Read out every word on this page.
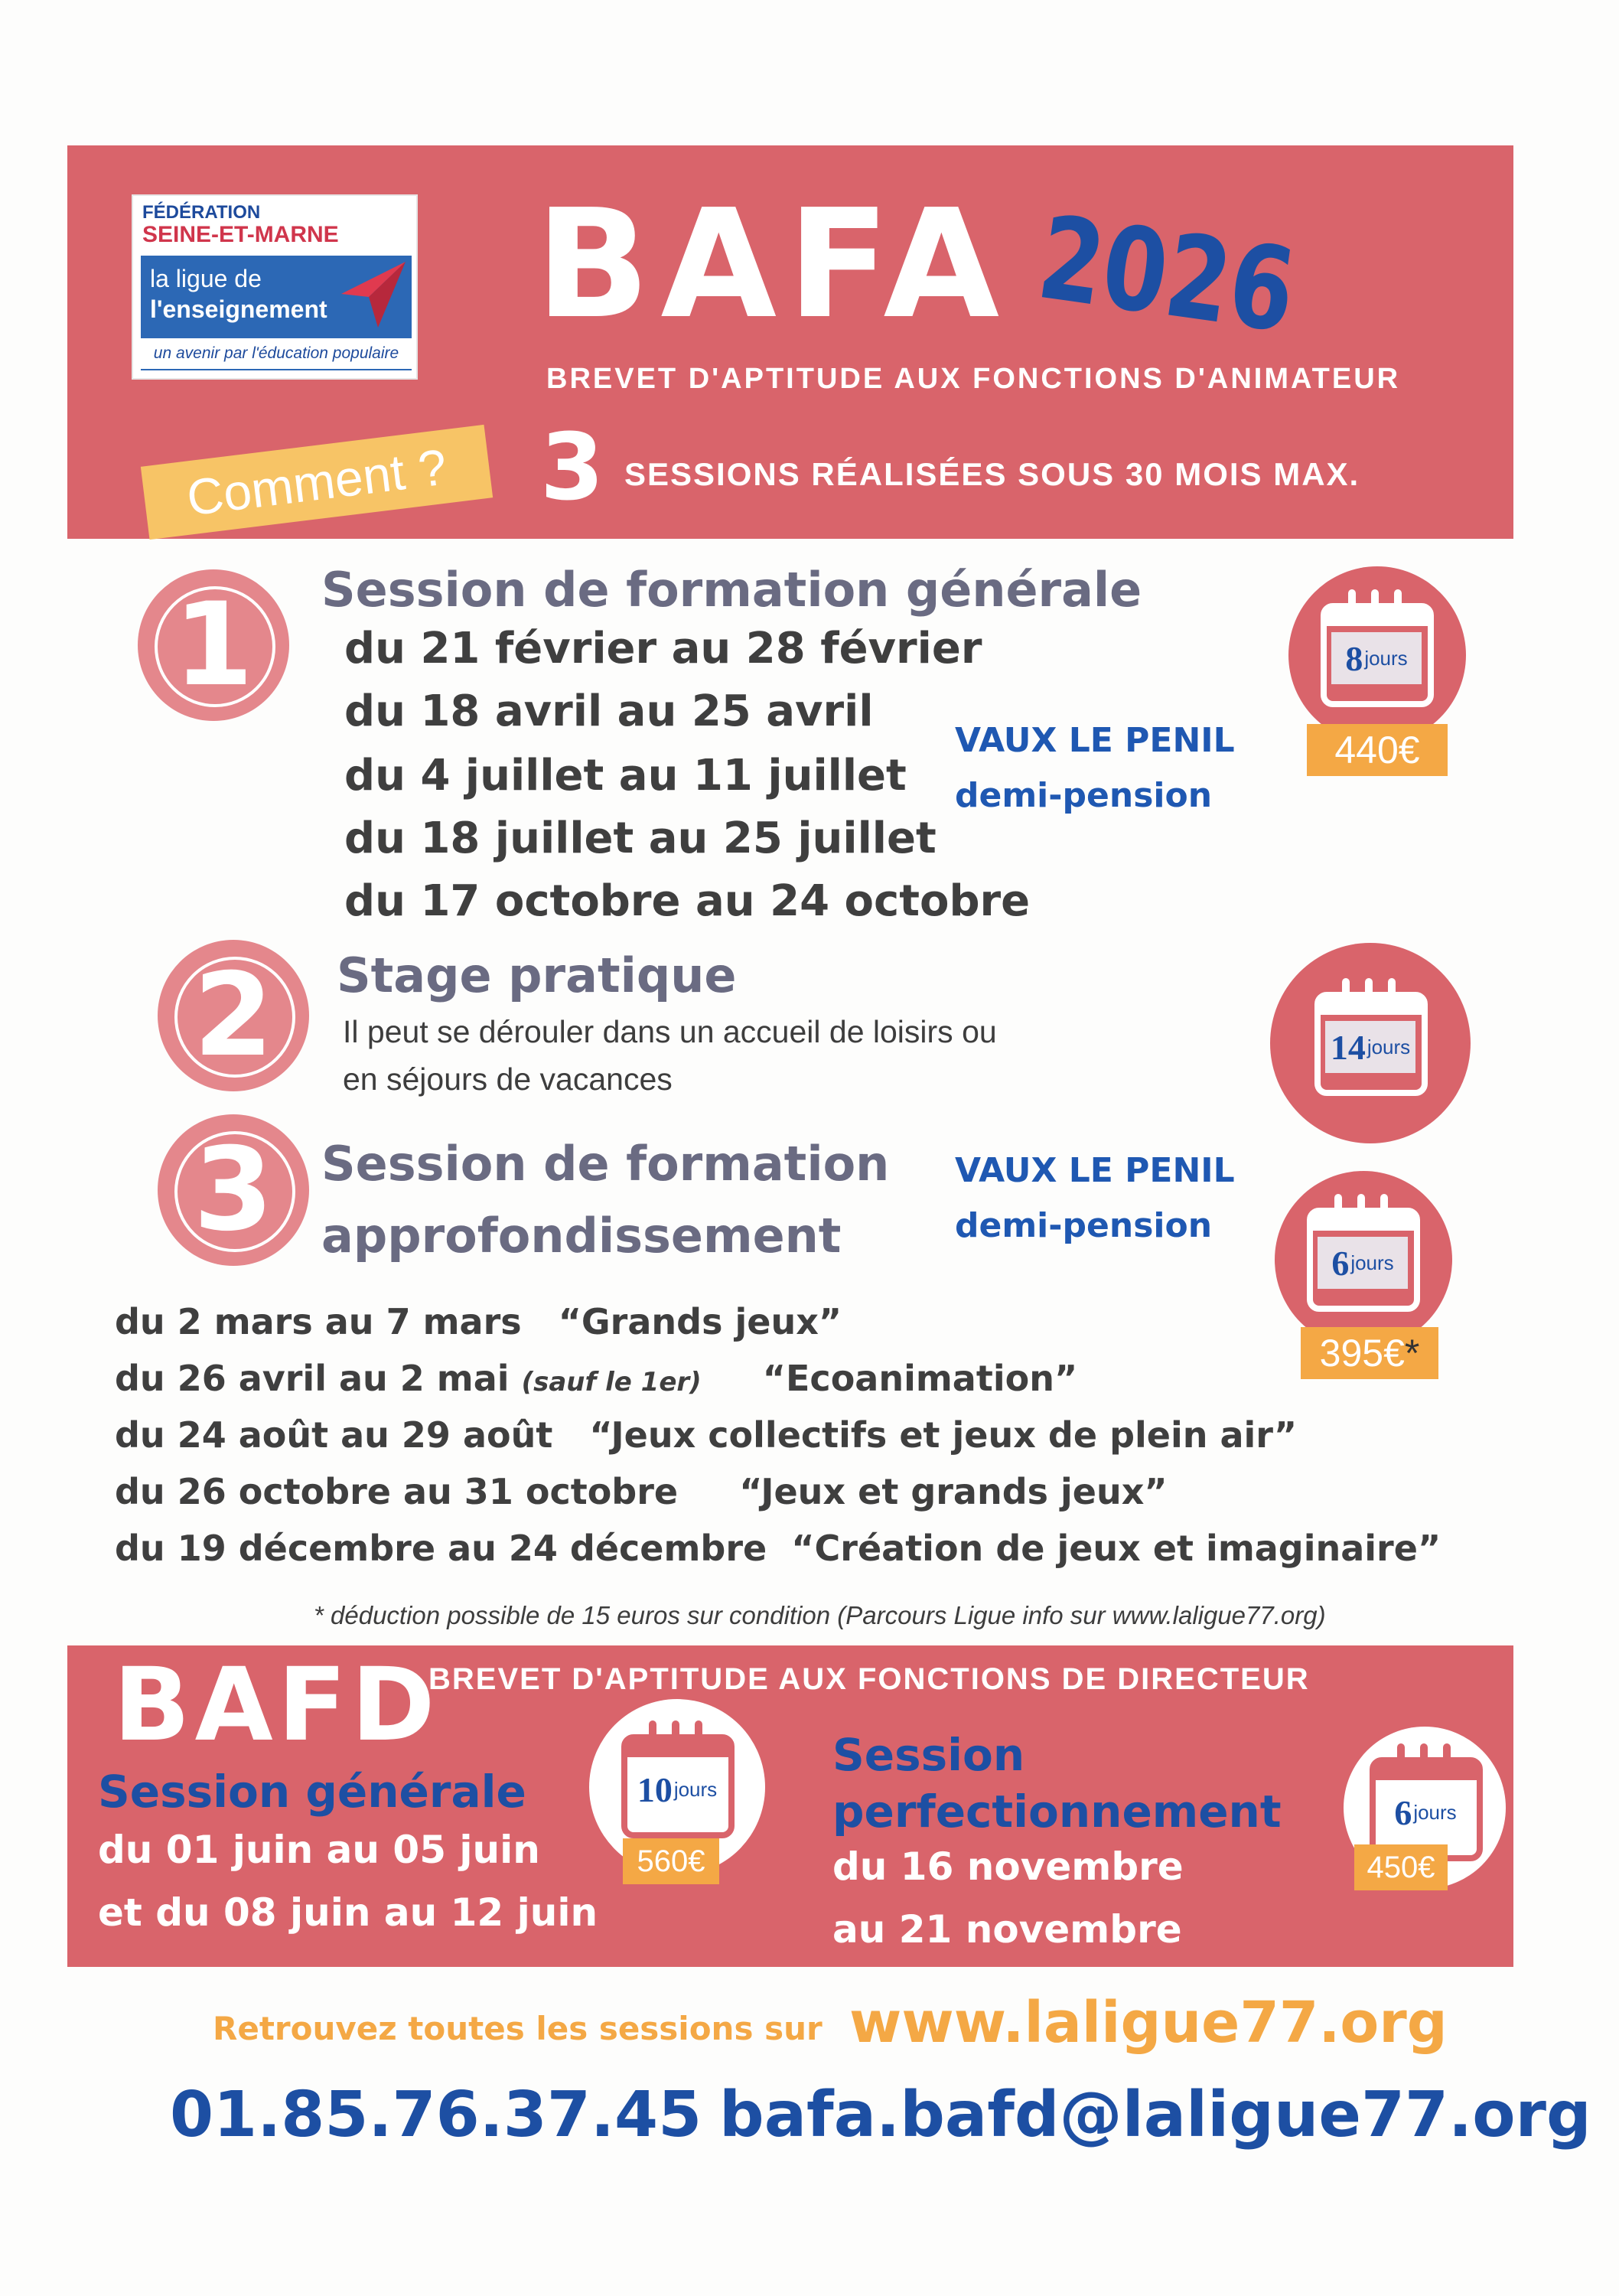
FÉDÉRATION
SEINE-ET-MARNE
la ligue de
l'enseignement
un avenir par l'éducation populaire
BAFA 2026
BREVET D'APTITUDE AUX FONCTIONS D'ANIMATEUR
Comment ? 3 SESSIONS RÉALISÉES SOUS 30 MOIS MAX.
1	Session de formation générale
du 21 février au 28 février
du 18 avril au 25 avril
du 4 juillet au 11 juillet
du 18 juillet au 25 juillet
du 17 octobre au 24 octobre
VAUX LE PENIL
demi-pension
8 jours
440€
2	Stage pratique
Il peut se dérouler dans un accueil de loisirs ou
en séjours de vacances
14 jours
3	Session de formation
approfondissement
VAUX LE PENIL
demi-pension
6 jours
395€*
du 2 mars au 7 mars “Grands jeux”
du 26 avril au 2 mai (sauf le 1er) “Ecoanimation”
du 24 août au 29 août “Jeux collectifs et jeux de plein air”
du 26 octobre au 31 octobre “Jeux et grands jeux”
du 19 décembre au 24 décembre “Création de jeux et imaginaire”
* déduction possible de 15 euros sur condition (Parcours Ligue info sur www.laligue77.org)
BAFD
BREVET D'APTITUDE AUX FONCTIONS DE DIRECTEUR
Session générale
du 01 juin au 05 juin
et du 08 juin au 12 juin
10 jours
560€
Session
perfectionnement
du 16 novembre
au 21 novembre
6 jours
450€
Retrouvez toutes les sessions sur www.laligue77.org
01.85.76.37.45 bafa.bafd@laligue77.org
